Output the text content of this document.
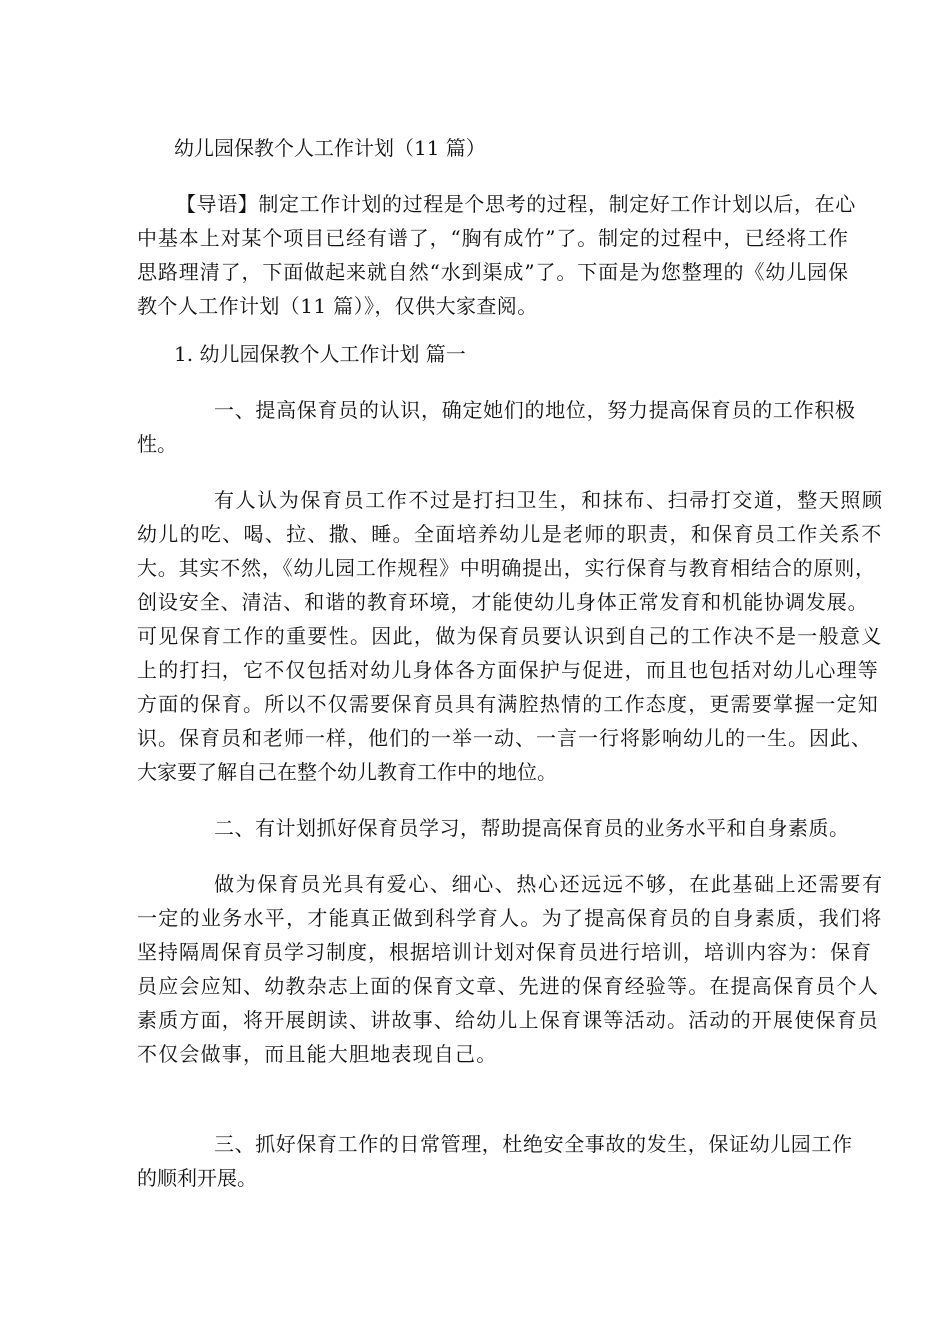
幼儿园保教个人工作计划（11 篇）
【导语】制定工作计划的过程是个思考的过程，制定好工作计划以后，在心
中基本上对某个项目已经有谱了，“胸有成竹”了。制定的过程中，已经将工作
思路理清了，下面做起来就自然“水到渠成”了。下面是为您整理的《幼儿园保
教个人工作计划（11 篇）》，仅供大家查阅。
1. 幼儿园保教个人工作计划 篇一
一、提高保育员的认识，确定她们的地位，努力提高保育员的工作积极
性。
有人认为保育员工作不过是打扫卫生，和抹布、扫帚打交道，整天照顾
幼儿的吃、喝、拉、撒、睡。全面培养幼儿是老师的职责，和保育员工作关系不
大。其实不然，《幼儿园工作规程》中明确提出，实行保育与教育相结合的原则，
创设安全、清洁、和谐的教育环境，才能使幼儿身体正常发育和机能协调发展。
可见保育工作的重要性。因此，做为保育员要认识到自己的工作决不是一般意义
上的打扫，它不仅包括对幼儿身体各方面保护与促进，而且也包括对幼儿心理等
方面的保育。所以不仅需要保育员具有满腔热情的工作态度，更需要掌握一定知
识。保育员和老师一样，他们的一举一动、一言一行将影响幼儿的一生。因此、
大家要了解自己在整个幼儿教育工作中的地位。
二、有计划抓好保育员学习，帮助提高保育员的业务水平和自身素质。
做为保育员光具有爱心、细心、热心还远远不够，在此基础上还需要有
一定的业务水平，才能真正做到科学育人。为了提高保育员的自身素质，我们将
坚持隔周保育员学习制度，根据培训计划对保育员进行培训，培训内容为：保育
员应会应知、幼教杂志上面的保育文章、先进的保育经验等。在提高保育员个人
素质方面，将开展朗读、讲故事、给幼儿上保育课等活动。活动的开展使保育员
不仅会做事，而且能大胆地表现自己。
三、抓好保育工作的日常管理，杜绝安全事故的发生，保证幼儿园工作
的顺利开展。
